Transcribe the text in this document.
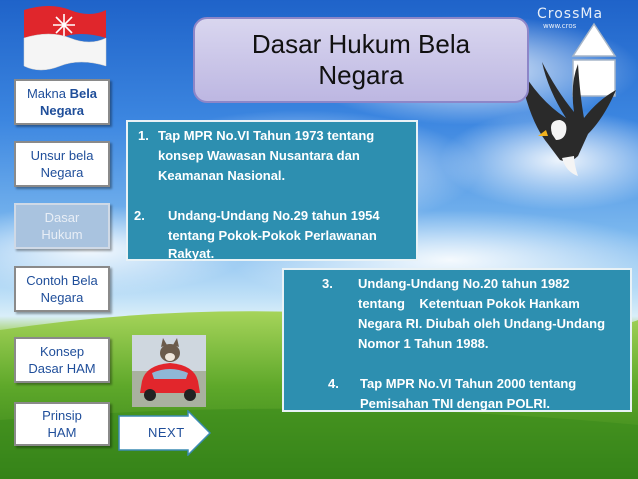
CrossMa
www.cros
Dasar Hukum Bela Negara
Makna Bela
Negara
Unsur bela Negara
Dasar Hukum
Contoh Bela Negara
Konsep Dasar HAM
Prinsip HAM
1. Tap MPR No.VI Tahun 1973 tentang
konsep Wawasan Nusantara dan
Keamanan Nasional.
2. Undang-Undang No.29 tahun 1954
tentang Pokok-Pokok Perlawanan
Rakyat.
3. Undang-Undang No.20 tahun 1982
tentang    Ketentuan Pokok Hankam
Negara RI. Diubah oleh Undang-Undang
Nomor 1 Tahun 1988.
4. Tap MPR No.VI Tahun 2000 tentang
Pemisahan TNI dengan POLRI.
NEXT
